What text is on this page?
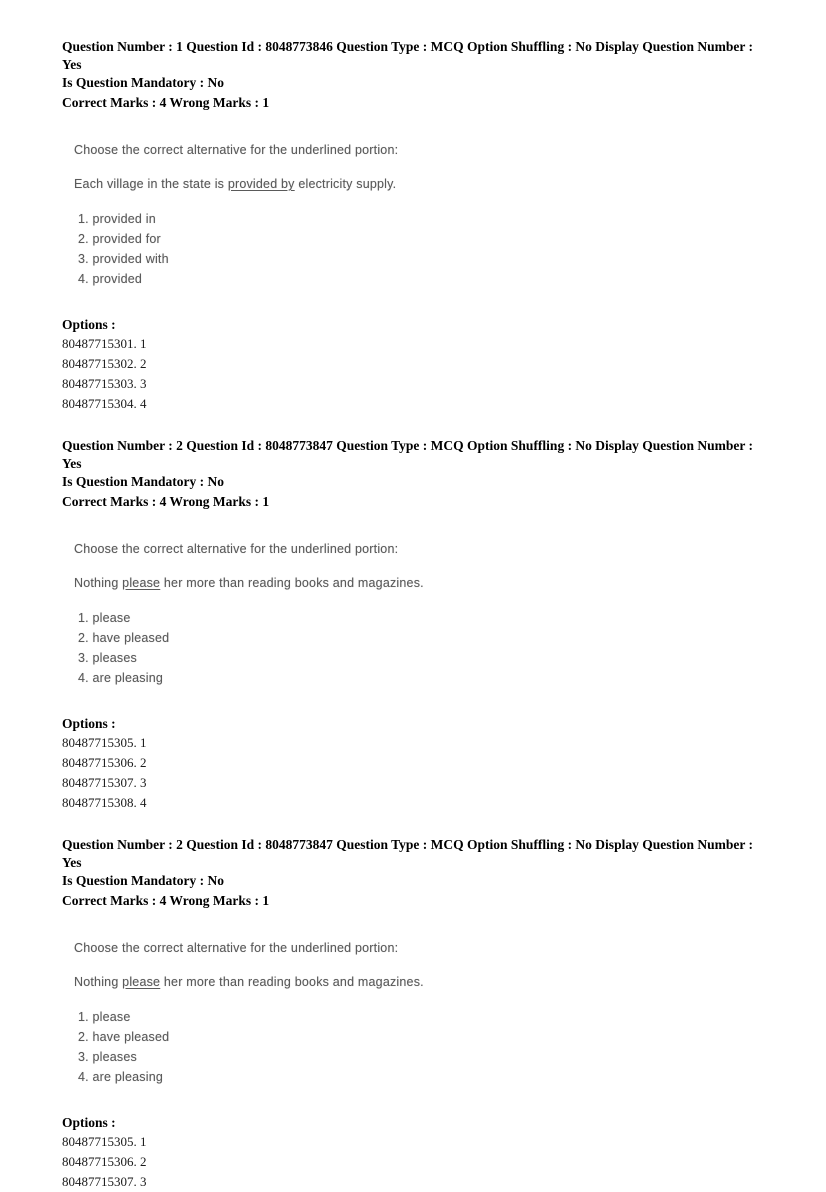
Question Number : 1 Question Id : 8048773846 Question Type : MCQ Option Shuffling : No Display Question Number : Yes
Is Question Mandatory : No
Correct Marks : 4 Wrong Marks : 1
Choose the correct alternative for the underlined portion:
Each village in the state is provided by electricity supply.
1. provided in
2. provided for
3. provided with
4. provided
Options :
80487715301. 1
80487715302. 2
80487715303. 3
80487715304. 4
Question Number : 2 Question Id : 8048773847 Question Type : MCQ Option Shuffling : No Display Question Number : Yes
Is Question Mandatory : No
Correct Marks : 4 Wrong Marks : 1
Choose the correct alternative for the underlined portion:
Nothing please her more than reading books and magazines.
1. please
2. have pleased
3. pleases
4. are pleasing
Options :
80487715305. 1
80487715306. 2
80487715307. 3
80487715308. 4
Question Number : 2 Question Id : 8048773847 Question Type : MCQ Option Shuffling : No Display Question Number : Yes
Is Question Mandatory : No
Correct Marks : 4 Wrong Marks : 1
Choose the correct alternative for the underlined portion:
Nothing please her more than reading books and magazines.
1. please
2. have pleased
3. pleases
4. are pleasing
Options :
80487715305. 1
80487715306. 2
80487715307. 3
